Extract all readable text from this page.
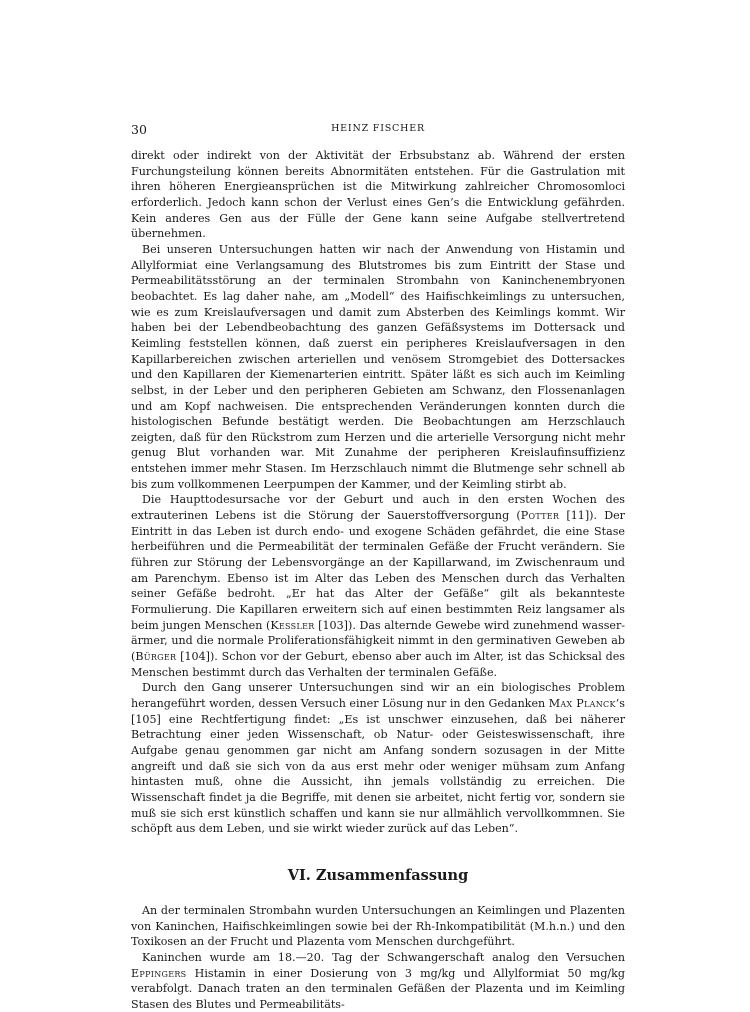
30	HEINZ FISCHER

direkt oder indirekt von der Aktivität der Erbsubstanz ab. Während der ersten Furchungsteilung können bereits Abnormitäten entstehen. Für die Gastrulation mit ihren höheren Energieansprüchen ist die Mitwirkung zahlreicher Chromosomloci erforderlich. Jedoch kann schon der Verlust eines Gen’s die Entwicklung gefährden. Kein anderes Gen aus der Fülle der Gene kann seine Aufgabe stellvertretend übernehmen.

Bei unseren Untersuchungen hatten wir nach der Anwendung von Histamin und Allylformiat eine Verlangsamung des Blutstromes bis zum Eintritt der Stase und Permeabilitätsstörung an der terminalen Strombahn von Kaninchenembryonen beobachtet. Es lag daher nahe, am „Modell“ des Haifischkeimlings zu untersuchen, wie es zum Kreislaufversagen und damit zum Absterben des Keimlings kommt. Wir haben bei der Lebendbeobachtung des ganzen Gefäßsystems im Dottersack und Keimling feststellen können, daß zuerst ein peripheres Kreislaufversagen in den Kapillarbereichen zwischen arteriellen und venösem Stromgebiet des Dottersackes und den Kapillaren der Kiemenarterien eintritt. Später läßt es sich auch im Keimling selbst, in der Leber und den peripheren Gebieten am Schwanz, den Flossenanlagen und am Kopf nachweisen. Die entsprechenden Veränderungen konnten durch die histologischen Befunde bestätigt werden. Die Beobachtungen am Herzschlauch zeigten, daß für den Rückstrom zum Herzen und die arterielle Versorgung nicht mehr genug Blut vorhanden war. Mit Zunahme der peripheren Kreislaufinsuffizienz entstehen immer mehr Stasen. Im Herzschlauch nimmt die Blutmenge sehr schnell ab bis zum vollkommenen Leerpumpen der Kammer, und der Keimling stirbt ab.

Die Haupttodesursache vor der Geburt und auch in den ersten Wochen des extrauterinen Lebens ist die Störung der Sauerstoffversorgung (Potter [11]). Der Eintritt in das Leben ist durch endo- und exogene Schäden gefährdet, die eine Stase herbeiführen und die Permeabilität der terminalen Gefäße der Frucht verändern. Sie führen zur Störung der Lebensvorgänge an der Kapillarwand, im Zwischenraum und am Parenchym. Ebenso ist im Alter das Leben des Menschen durch das Verhalten seiner Gefäße bedroht. „Er hat das Alter der Gefäße“ gilt als bekannteste Formulierung. Die Kapillaren erweitern sich auf einen bestimmten Reiz langsamer als beim jungen Menschen (Kessler [103]). Das alternde Gewebe wird zunehmend wasserärmer, und die normale Proliferationsfähigkeit nimmt in den germinativen Geweben ab (Bürger [104]). Schon vor der Geburt, ebenso aber auch im Alter, ist das Schicksal des Menschen bestimmt durch das Verhalten der terminalen Gefäße.

Durch den Gang unserer Untersuchungen sind wir an ein biologisches Problem herangeführt worden, dessen Versuch einer Lösung nur in den Gedanken Max Planck’s [105] eine Rechtfertigung findet: „Es ist unschwer einzusehen, daß bei näherer Betrachtung einer jeden Wissenschaft, ob Natur- oder Geisteswissenschaft, ihre Aufgabe genau genommen gar nicht am Anfang sondern sozusagen in der Mitte angreift und daß sie sich von da aus erst mehr oder weniger mühsam zum Anfang hintasten muß, ohne die Aussicht, ihn jemals vollständig zu erreichen. Die Wissenschaft findet ja die Begriffe, mit denen sie arbeitet, nicht fertig vor, sondern sie muß sie sich erst künstlich schaffen und kann sie nur allmählich vervollkommnen. Sie schöpft aus dem Leben, und sie wirkt wieder zurück auf das Leben“.

VI. Zusammenfassung

An der terminalen Strombahn wurden Untersuchungen an Keimlingen und Plazenten von Kaninchen, Haifischkeimlingen sowie bei der Rh-Inkompatibilität (M.h.n.) und den Toxikosen an der Frucht und Plazenta vom Menschen durchgeführt.

Kaninchen wurde am 18.—20. Tag der Schwangerschaft analog den Versuchen Eppingers Histamin in einer Dosierung von 3 mg/kg und Allylformiat 50 mg/kg verabfolgt. Danach traten an den terminalen Gefäßen der Plazenta und im Keimling Stasen des Blutes und Permeabilitäts-
